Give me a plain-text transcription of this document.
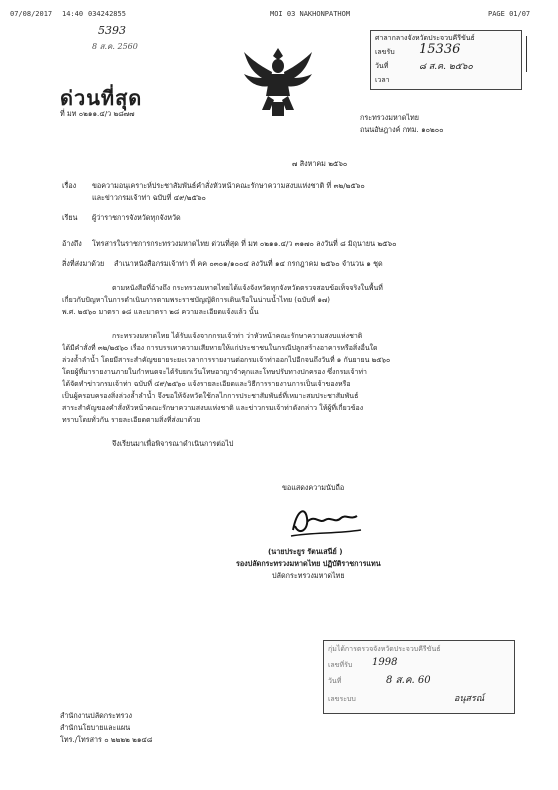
07/08/2017 14:40 034242855	MOI 03 NAKHONPATHOM	PAGE 01/07
5393
8 ส.ค. 2560
ด่วนที่สุด
ที่ มท ๐๒๑๑.๔/ว ๒๘๗๗
ศาลากลางจังหวัดประจวบคีรีขันธ์
เลขรับ 15336
วันที่	๘ ส.ค. ๒๕๖๐
เวลา
กระทรวงมหาดไทย
ถนนอัษฎางค์ กทม. ๑๐๒๐๐
๗ สิงหาคม ๒๕๖๐
เรื่อง ขอความอนุเคราะห์ประชาสัมพันธ์คำสั่งหัวหน้าคณะรักษาความสงบแห่งชาติ ที่ ๓๒/๒๕๖๐
และข่าวกรมเจ้าท่า ฉบับที่ ๔๙/๒๕๖๐
เรียน ผู้ว่าราชการจังหวัดทุกจังหวัด
อ้างถึง โทรสารในราชการกระทรวงมหาดไทย ด่วนที่สุด ที่ มท ๐๒๑๑.๔/ว ๓๑๗๐ ลงวันที่ ๘ มิถุนายน ๒๕๖๐
สิ่งที่ส่งมาด้วย สำเนาหนังสือกรมเจ้าท่า ที่ คค ๐๓๐๑/๑๐๐๔ ลงวันที่ ๑๔ กรกฎาคม ๒๕๖๐ จำนวน ๑ ชุด
ตามหนังสือที่อ้างถึง กระทรวงมหาดไทยได้แจ้งจังหวัดทุกจังหวัดตรวจสอบข้อเท็จจริงในพื้นที่
เกี่ยวกับปัญหาในการดำเนินการตามพระราชบัญญัติการเดินเรือในน่านน้ำไทย (ฉบับที่ ๑๗)
พ.ศ. ๒๕๖๐ มาตรา ๑๘ และมาตรา ๒๘ ความละเอียดแจ้งแล้ว นั้น
กระทรวงมหาดไทย ได้รับแจ้งจากกรมเจ้าท่า ว่าหัวหน้าคณะรักษาความสงบแห่งชาติ
ได้มีคำสั่งที่ ๓๒/๒๕๖๐ เรื่อง การบรรเทาความเสียหายให้แก่ประชาชนในกรณีปลูกสร้างอาคารหรือสิ่งอื่นใด
ล่วงล้ำลำน้ำ โดยมีสาระสำคัญขยายระยะเวลาการรายงานต่อกรมเจ้าท่าออกไปอีกจนถึงวันที่ ๑ กันยายน ๒๕๖๐
โดยผู้ที่มารายงานภายในกำหนดจะได้รับยกเว้นโทษอาญาจำคุกและโทษปรับทางปกครอง ซึ่งกรมเจ้าท่า
ได้จัดทำข่าวกรมเจ้าท่า ฉบับที่ ๔๙/๒๕๖๐ แจ้งรายละเอียดและวิธีการรายงานการเป็นเจ้าของหรือ
เป็นผู้ครอบครองสิ่งล่วงล้ำลำน้ำ จึงขอให้จังหวัดใช้กลไกการประชาสัมพันธ์ที่เหมาะสมประชาสัมพันธ์
สาระสำคัญของคำสั่งหัวหน้าคณะรักษาความสงบแห่งชาติ และข่าวกรมเจ้าท่าดังกล่าว ให้ผู้ที่เกี่ยวข้อง
ทราบโดยทั่วกัน รายละเอียดตามสิ่งที่ส่งมาด้วย
จึงเรียนมาเพื่อพิจารณาดำเนินการต่อไป
ขอแสดงความนับถือ
(นายประยูร รัตนเสนีย์ )
รองปลัดกระทรวงมหาดไทย ปฏิบัติราชการแทน
ปลัดกระทรวงมหาดไทย
กุ่มได้การตรวจจังหวัดประจวบคีรีขันธ์
เลขที่รับ 1998
วันที่	8 ส.ค. 60
เลขระบบ	อนุสรณ์
สำนักงานปลัดกระทรวง
สำนักนโยบายและแผน
โทร./โทรสาร ๐ ๒๒๒๒ ๒๑๔๘
